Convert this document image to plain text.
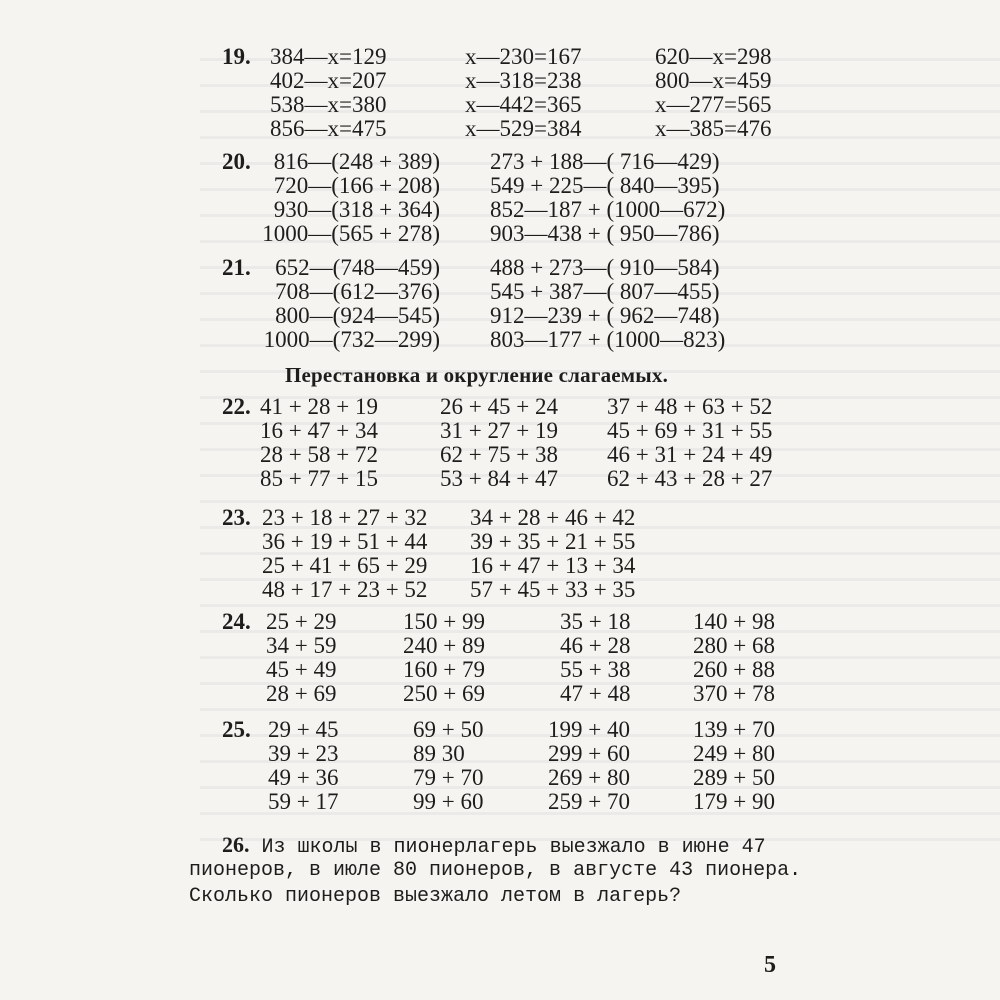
19. 384—x=129
402—x=207
538—x=380
856—x=475
x—230=167
x—318=238
x—442=365
x—529=384
620—x=298
800—x=459
x—277=565
x—385=476
20. 816—(248 + 389)
720—(166 + 208)
930—(318 + 364)
1000—(565 + 278)
273 + 188—( 716—429)
549 + 225—( 840—395)
852—187 + (1000—672)
903—438 + ( 950—786)
21.	652—(748—459)
708—(612—376)
800—(924—545)
1000—(732—299)
488 + 273—( 910—584)
545 + 387—( 807—455)
912—239 + ( 962—748)
803—177 + (1000—823)
Перестановка и округление слагаемых.
22. 41 + 28 + 19
16 + 47 + 34
28 + 58 + 72
85 + 77 + 15
26 + 45 + 24
31 + 27 + 19
62 + 75 + 38
53 + 84 + 47
37 + 48 + 63 + 52
45 + 69 + 31 + 55
46 + 31 + 24 + 49
62 + 43 + 28 + 27
23. 23 + 18 + 27 + 32
36 + 19 + 51 + 44
25 + 41 + 65 + 29
48 + 17 + 23 + 52
34 + 28 + 46 + 42
39 + 35 + 21 + 55
16 + 47 + 13 + 34
57 + 45 + 33 + 35
24. 25 + 29
34 + 59
45 + 49
28 + 69
150 + 99
240 + 89
160 + 79
250 + 69
35 + 18
46 + 28
55 + 38
47 + 48
140 + 98
280 + 68
260 + 88
370 + 78
25. 29 + 45
39 + 23
49 + 36
59 + 17
69 + 50
89 30
79 + 70
99 + 60
199 + 40
299 + 60
269 + 80
259 + 70
139 + 70
249 + 80
289 + 50
179 + 90
26. Из школы в пионерлагерь выезжало в июне 47
пионеров, в июле 80 пионеров, в августе 43 пионера.
Сколько пионеров выезжало летом в лагерь?
5
